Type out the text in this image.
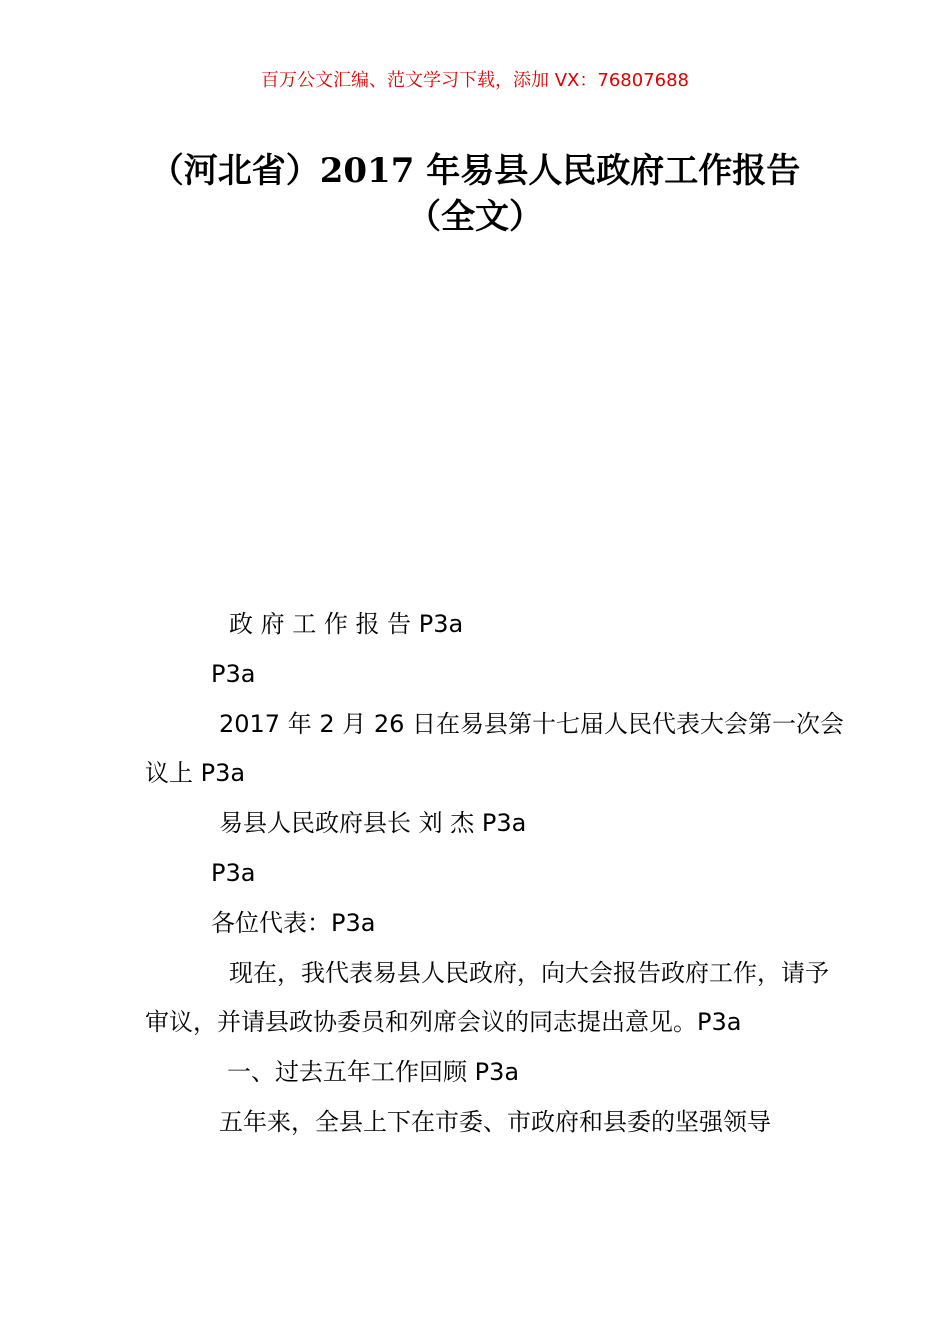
百万公文汇编、范文学习下载，添加 VX：76807688
（河北省）2017 年易县人民政府工作报告
（全文）

政 府 工 作 报 告 P3a

P3a

2017 年 2 月 26 日在易县第十七届人民代表大会第一次会议上 P3a

易县人民政府县长 刘 杰 P3a

P3a

各位代表：P3a

现在，我代表易县人民政府，向大会报告政府工作，请予审议，并请县政协委员和列席会议的同志提出意见。P3a

一、过去五年工作回顾 P3a

五年来，全县上下在市委、市政府和县委的坚强领导
